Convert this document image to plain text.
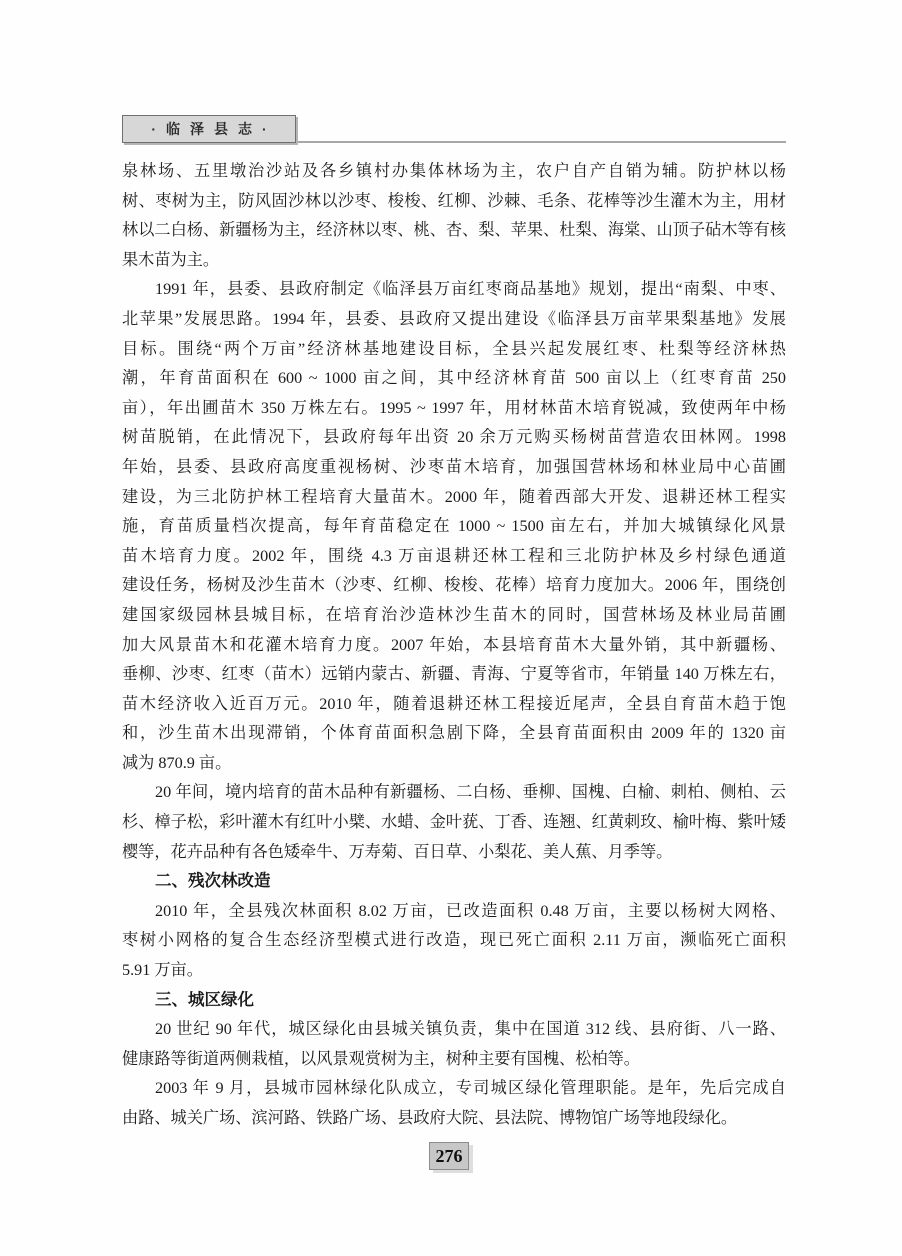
·临泽县志·
泉林场、五里墩治沙站及各乡镇村办集体林场为主，农户自产自销为辅。防护林以杨
树、枣树为主，防风固沙林以沙枣、梭梭、红柳、沙棘、毛条、花棒等沙生灌木为主，用材
林以二白杨、新疆杨为主，经济林以枣、桃、杏、梨、苹果、杜梨、海棠、山顶子砧木等有核
果木苗为主。
1991 年，县委、县政府制定《临泽县万亩红枣商品基地》规划，提出“南梨、中枣、
北苹果”发展思路。1994 年，县委、县政府又提出建设《临泽县万亩苹果梨基地》发展
目标。围绕“两个万亩”经济林基地建设目标，全县兴起发展红枣、杜梨等经济林热
潮，年育苗面积在 600 ~ 1000 亩之间，其中经济林育苗 500 亩以上（红枣育苗 250
亩），年出圃苗木 350 万株左右。1995 ~ 1997 年，用材林苗木培育锐减，致使两年中杨
树苗脱销，在此情况下，县政府每年出资 20 余万元购买杨树苗营造农田林网。1998
年始，县委、县政府高度重视杨树、沙枣苗木培育，加强国营林场和林业局中心苗圃
建设，为三北防护林工程培育大量苗木。2000 年，随着西部大开发、退耕还林工程实
施，育苗质量档次提高，每年育苗稳定在 1000 ~ 1500 亩左右，并加大城镇绿化风景
苗木培育力度。2002 年，围绕 4.3 万亩退耕还林工程和三北防护林及乡村绿色通道
建设任务，杨树及沙生苗木（沙枣、红柳、梭梭、花棒）培育力度加大。2006 年，围绕创
建国家级园林县城目标，在培育治沙造林沙生苗木的同时，国营林场及林业局苗圃
加大风景苗木和花灌木培育力度。2007 年始，本县培育苗木大量外销，其中新疆杨、
垂柳、沙枣、红枣（苗木）远销内蒙古、新疆、青海、宁夏等省市，年销量 140 万株左右，
苗木经济收入近百万元。2010 年，随着退耕还林工程接近尾声，全县自育苗木趋于饱
和，沙生苗木出现滞销，个体育苗面积急剧下降，全县育苗面积由 2009 年的 1320 亩
减为 870.9 亩。
20 年间，境内培育的苗木品种有新疆杨、二白杨、垂柳、国槐、白榆、刺柏、侧柏、云
杉、樟子松，彩叶灌木有红叶小檗、水蜡、金叶莸、丁香、连翘、红黄刺玫、榆叶梅、紫叶矮
樱等，花卉品种有各色矮牵牛、万寿菊、百日草、小梨花、美人蕉、月季等。
二、残次林改造
2010 年，全县残次林面积 8.02 万亩，已改造面积 0.48 万亩，主要以杨树大网格、
枣树小网格的复合生态经济型模式进行改造，现已死亡面积 2.11 万亩，濒临死亡面积
5.91 万亩。
三、城区绿化
20 世纪 90 年代，城区绿化由县城关镇负责，集中在国道 312 线、县府街、八一路、
健康路等街道两侧栽植，以风景观赏树为主，树种主要有国槐、松柏等。
2003 年 9 月，县城市园林绿化队成立，专司城区绿化管理职能。是年，先后完成自
由路、城关广场、滨河路、铁路广场、县政府大院、县法院、博物馆广场等地段绿化。
276
